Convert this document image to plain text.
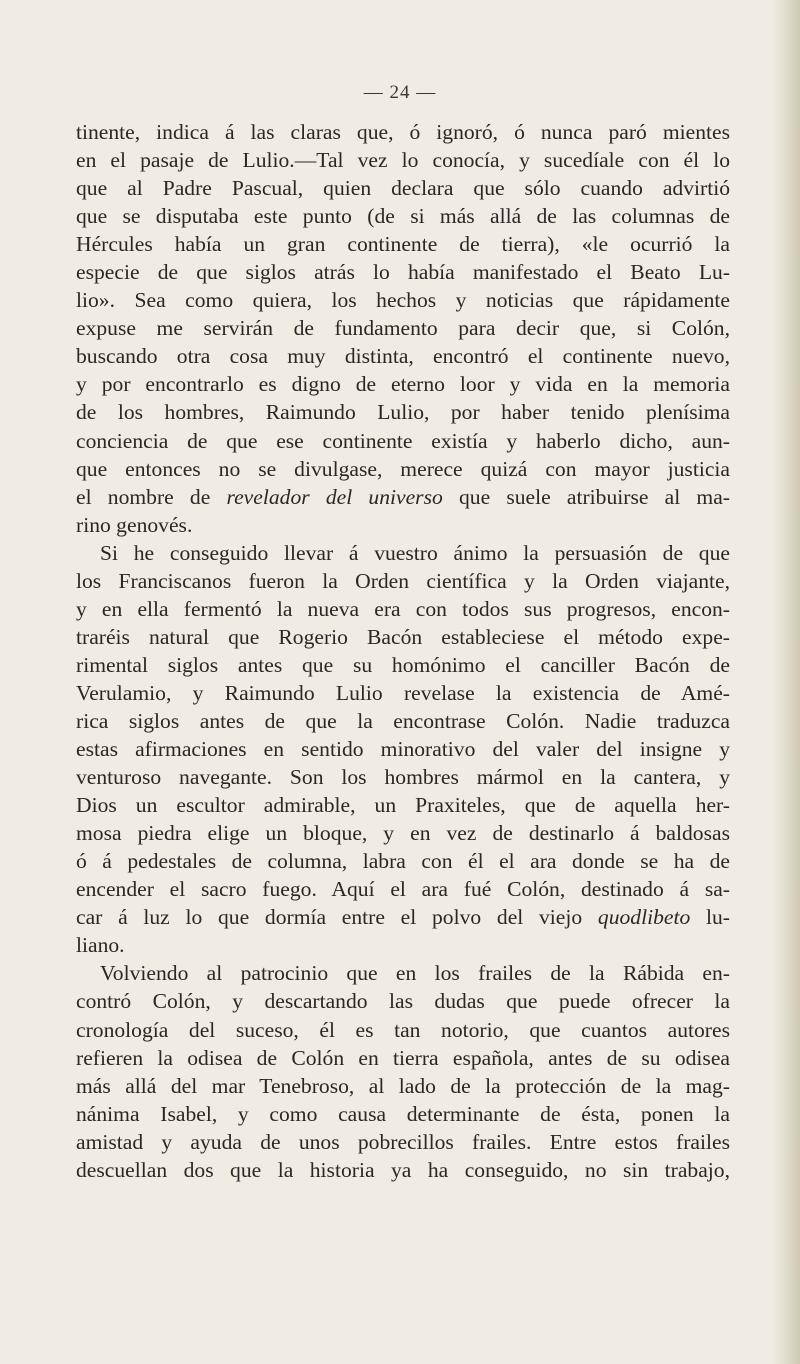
— 24 —
tinente, indica á las claras que, ó ignoró, ó nunca paró mientes
en el pasaje de Lulio.—Tal vez lo conocía, y sucedíale con él lo
que al Padre Pascual, quien declara que sólo cuando advirtió
que se disputaba este punto (de si más allá de las columnas de
Hércules había un gran continente de tierra), «le ocurrió la
especie de que siglos atrás lo había manifestado el Beato Lu-
lio». Sea como quiera, los hechos y noticias que rápidamente
expuse me servirán de fundamento para decir que, si Colón,
buscando otra cosa muy distinta, encontró el continente nuevo,
y por encontrarlo es digno de eterno loor y vida en la memoria
de los hombres, Raimundo Lulio, por haber tenido plenísima
conciencia de que ese continente existía y haberlo dicho, aun-
que entonces no se divulgase, merece quizá con mayor justicia
el nombre de revelador del universo que suele atribuirse al ma-
rino genovés.
Si he conseguido llevar á vuestro ánimo la persuasión de que
los Franciscanos fueron la Orden científica y la Orden viajante,
y en ella fermentó la nueva era con todos sus progresos, encon-
traréis natural que Rogerio Bacón estableciese el método expe-
rimental siglos antes que su homónimo el canciller Bacón de
Verulamio, y Raimundo Lulio revelase la existencia de Amé-
rica siglos antes de que la encontrase Colón. Nadie traduzca
estas afirmaciones en sentido minorativo del valer del insigne y
venturoso navegante. Son los hombres mármol en la cantera, y
Dios un escultor admirable, un Praxiteles, que de aquella her-
mosa piedra elige un bloque, y en vez de destinarlo á baldosas
ó á pedestales de columna, labra con él el ara donde se ha de
encender el sacro fuego. Aquí el ara fué Colón, destinado á sa-
car á luz lo que dormía entre el polvo del viejo quodlibeto lu-
liano.
Volviendo al patrocinio que en los frailes de la Rábida en-
contró Colón, y descartando las dudas que puede ofrecer la
cronología del suceso, él es tan notorio, que cuantos autores
refieren la odisea de Colón en tierra española, antes de su odisea
más allá del mar Tenebroso, al lado de la protección de la mag-
nánima Isabel, y como causa determinante de ésta, ponen la
amistad y ayuda de unos pobrecillos frailes. Entre estos frailes
descuellan dos que la historia ya ha conseguido, no sin trabajo,
